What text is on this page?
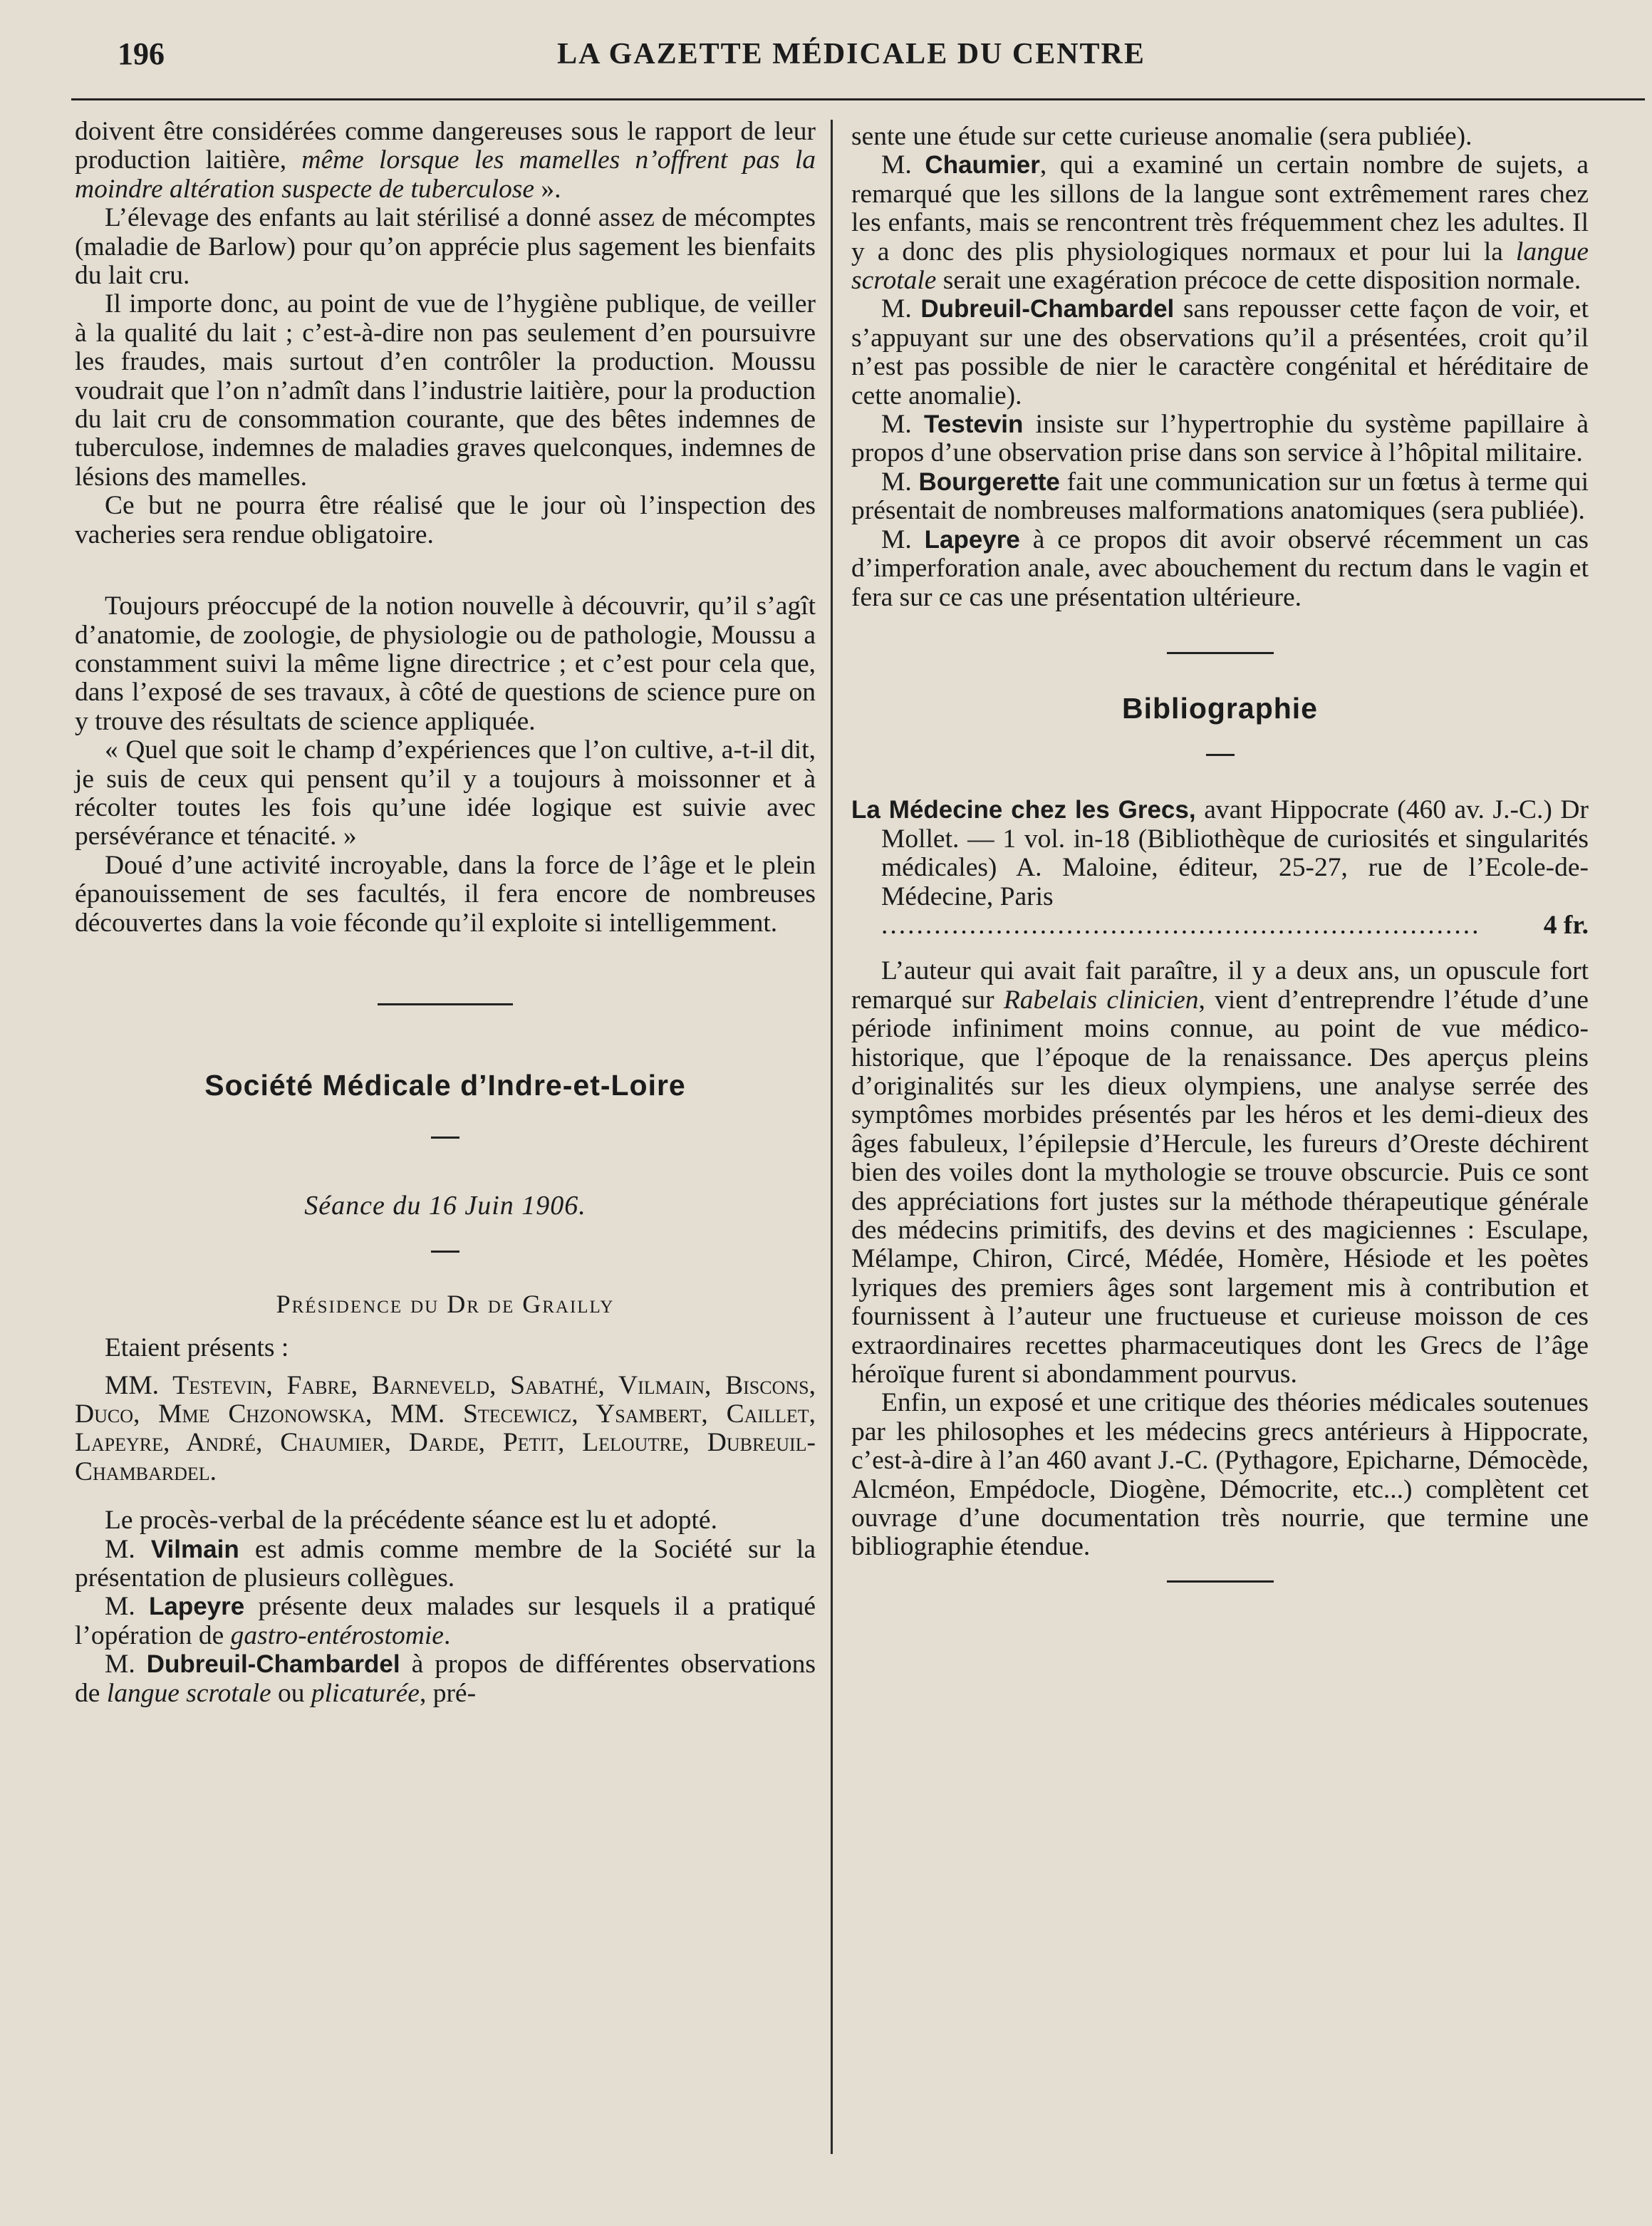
196	LA GAZETTE MÉDICALE DU CENTRE

doivent être considérées comme dangereuses sous le rapport de leur production laitière, même lorsque les mamelles n’offrent pas la moindre altération suspecte de tuberculose ».

L’élevage des enfants au lait stérilisé a donné assez de mécomptes (maladie de Barlow) pour qu’on apprécie plus sagement les bienfaits du lait cru.

Il importe donc, au point de vue de l’hygiène publique, de veiller à la qualité du lait ; c’est-à-dire non pas seulement d’en poursuivre les fraudes, mais surtout d’en contrôler la production. Moussu voudrait que l’on n’admît dans l’industrie laitière, pour la production du lait cru de consommation courante, que des bêtes indemnes de tuberculose, indemnes de maladies graves quelconques, indemnes de lésions des mamelles.

Ce but ne pourra être réalisé que le jour où l’inspection des vacheries sera rendue obligatoire.

Toujours préoccupé de la notion nouvelle à découvrir, qu’il s’agît d’anatomie, de zoologie, de physiologie ou de pathologie, Moussu a constamment suivi la même ligne directrice ; et c’est pour cela que, dans l’exposé de ses travaux, à côté de questions de science pure on y trouve des résultats de science appliquée.

« Quel que soit le champ d’expériences que l’on cultive, a-t-il dit, je suis de ceux qui pensent qu’il y a toujours à moissonner et à récolter toutes les fois qu’une idée logique est suivie avec persévérance et ténacité. »

Doué d’une activité incroyable, dans la force de l’âge et le plein épanouissement de ses facultés, il fera encore de nombreuses découvertes dans la voie féconde qu’il exploite si intelligemment.

Société Médicale d’Indre-et-Loire
Séance du 16 Juin 1906.
Présidence du Dr de Grailly

Etaient présents :

MM. Testevin, Fabre, Barneveld, Sabathé, Vilmain, Biscons, Duco, Mme Chzonowska, MM. Stecewicz, Ysambert, Caillet, Lapeyre, André, Chaumier, Darde, Petit, Leloutre, Dubreuil-Chambardel.

Le procès-verbal de la précédente séance est lu et adopté.

M. Vilmain est admis comme membre de la Société sur la présentation de plusieurs collègues.

M. Lapeyre présente deux malades sur lesquels il a pratiqué l’opération de gastro-entérostomie.

M. Dubreuil-Chambardel à propos de différentes observations de langue scrotale ou plicaturée, pré-

sente une étude sur cette curieuse anomalie (sera publiée).

M. Chaumier, qui a examiné un certain nombre de sujets, a remarqué que les sillons de la langue sont extrêmement rares chez les enfants, mais se rencontrent très fréquemment chez les adultes. Il y a donc des plis physiologiques normaux et pour lui la langue scrotale serait une exagération précoce de cette disposition normale.

M. Dubreuil-Chambardel sans repousser cette façon de voir, et s’appuyant sur une des observations qu’il a présentées, croit qu’il n’est pas possible de nier le caractère congénital et héréditaire de cette anomalie).

M. Testevin insiste sur l’hypertrophie du système papillaire à propos d’une observation prise dans son service à l’hôpital militaire.

M. Bourgerette fait une communication sur un fœtus à terme qui présentait de nombreuses malformations anatomiques (sera publiée).

M. Lapeyre à ce propos dit avoir observé récemment un cas d’imperforation anale, avec abouchement du rectum dans le vagin et fera sur ce cas une présentation ultérieure.

Bibliographie

La Médecine chez les Grecs, avant Hippocrate (460 av. J.-C.) Dr Mollet. — 1 vol. in-18 (Bibliothèque de curiosités et singularités médicales) A. Maloine, éditeur, 25-27, rue de l’Ecole-de-Médecine, Paris

....................................................................	4 fr.

L’auteur qui avait fait paraître, il y a deux ans, un opuscule fort remarqué sur Rabelais clinicien, vient d’entreprendre l’étude d’une période infiniment moins connue, au point de vue médico-historique, que l’époque de la renaissance. Des aperçus pleins d’originalités sur les dieux olympiens, une analyse serrée des symptômes morbides présentés par les héros et les demi-dieux des âges fabuleux, l’épilepsie d’Hercule, les fureurs d’Oreste déchirent bien des voiles dont la mythologie se trouve obscurcie. Puis ce sont des appréciations fort justes sur la méthode thérapeutique générale des médecins primitifs, des devins et des magiciennes : Esculape, Mélampe, Chiron, Circé, Médée, Homère, Hésiode et les poètes lyriques des premiers âges sont largement mis à contribution et fournissent à l’auteur une fructueuse et curieuse moisson de ces extraordinaires recettes pharmaceutiques dont les Grecs de l’âge héroïque furent si abondamment pourvus.

Enfin, un exposé et une critique des théories médicales soutenues par les philosophes et les médecins grecs antérieurs à Hippocrate, c’est-à-dire à l’an 460 avant J.-C. (Pythagore, Epicharne, Démocède, Alcméon, Empédocle, Diogène, Démocrite, etc...) complètent cet ouvrage d’une documentation très nourrie, que termine une bibliographie étendue.
